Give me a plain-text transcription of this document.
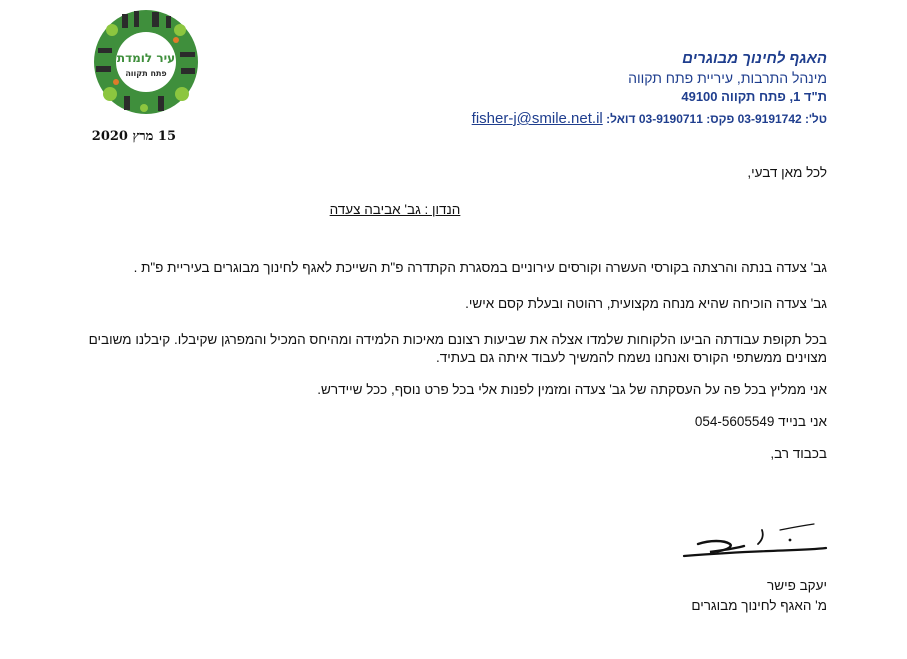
עיר לומדת
פתח תקווה
15 מרץ 2020
האגף לחינוך מבוגרים
מינהל התרבות, עיריית פתח תקווה
ת"ד 1, פתח תקווה 49100
טל': 03-9191742 פקס: 03-9190711 דואל: fisher-j@smile.net.il
לכל מאן דבעי,
הנדון : גב' אביבה צעדה
גב' צעדה בנתה והרצתה בקורסי העשרה וקורסים עירוניים במסגרת הקתדרה פ"ת השייכת לאגף לחינוך מבוגרים בעיריית פ"ת .
גב' צעדה הוכיחה שהיא מנחה מקצועית, רהוטה ובעלת קסם אישי.
בכל תקופת עבודתה הביעו הלקוחות שלמדו אצלה את שביעות רצונם מאיכות הלמידה ומהיחס המכיל והמפרגן שקיבלו. קיבלנו משובים מצוינים ממשתפי הקורס ואנחנו נשמח להמשיך לעבוד איתה גם בעתיד.
אני ממליץ בכל פה על העסקתה של גב' צעדה ומזמין לפנות אלי בכל פרט נוסף, ככל שיידרש.
אני בנייד 054-5605549
בכבוד רב,
יעקב פישר
מ' האגף לחינוך מבוגרים
